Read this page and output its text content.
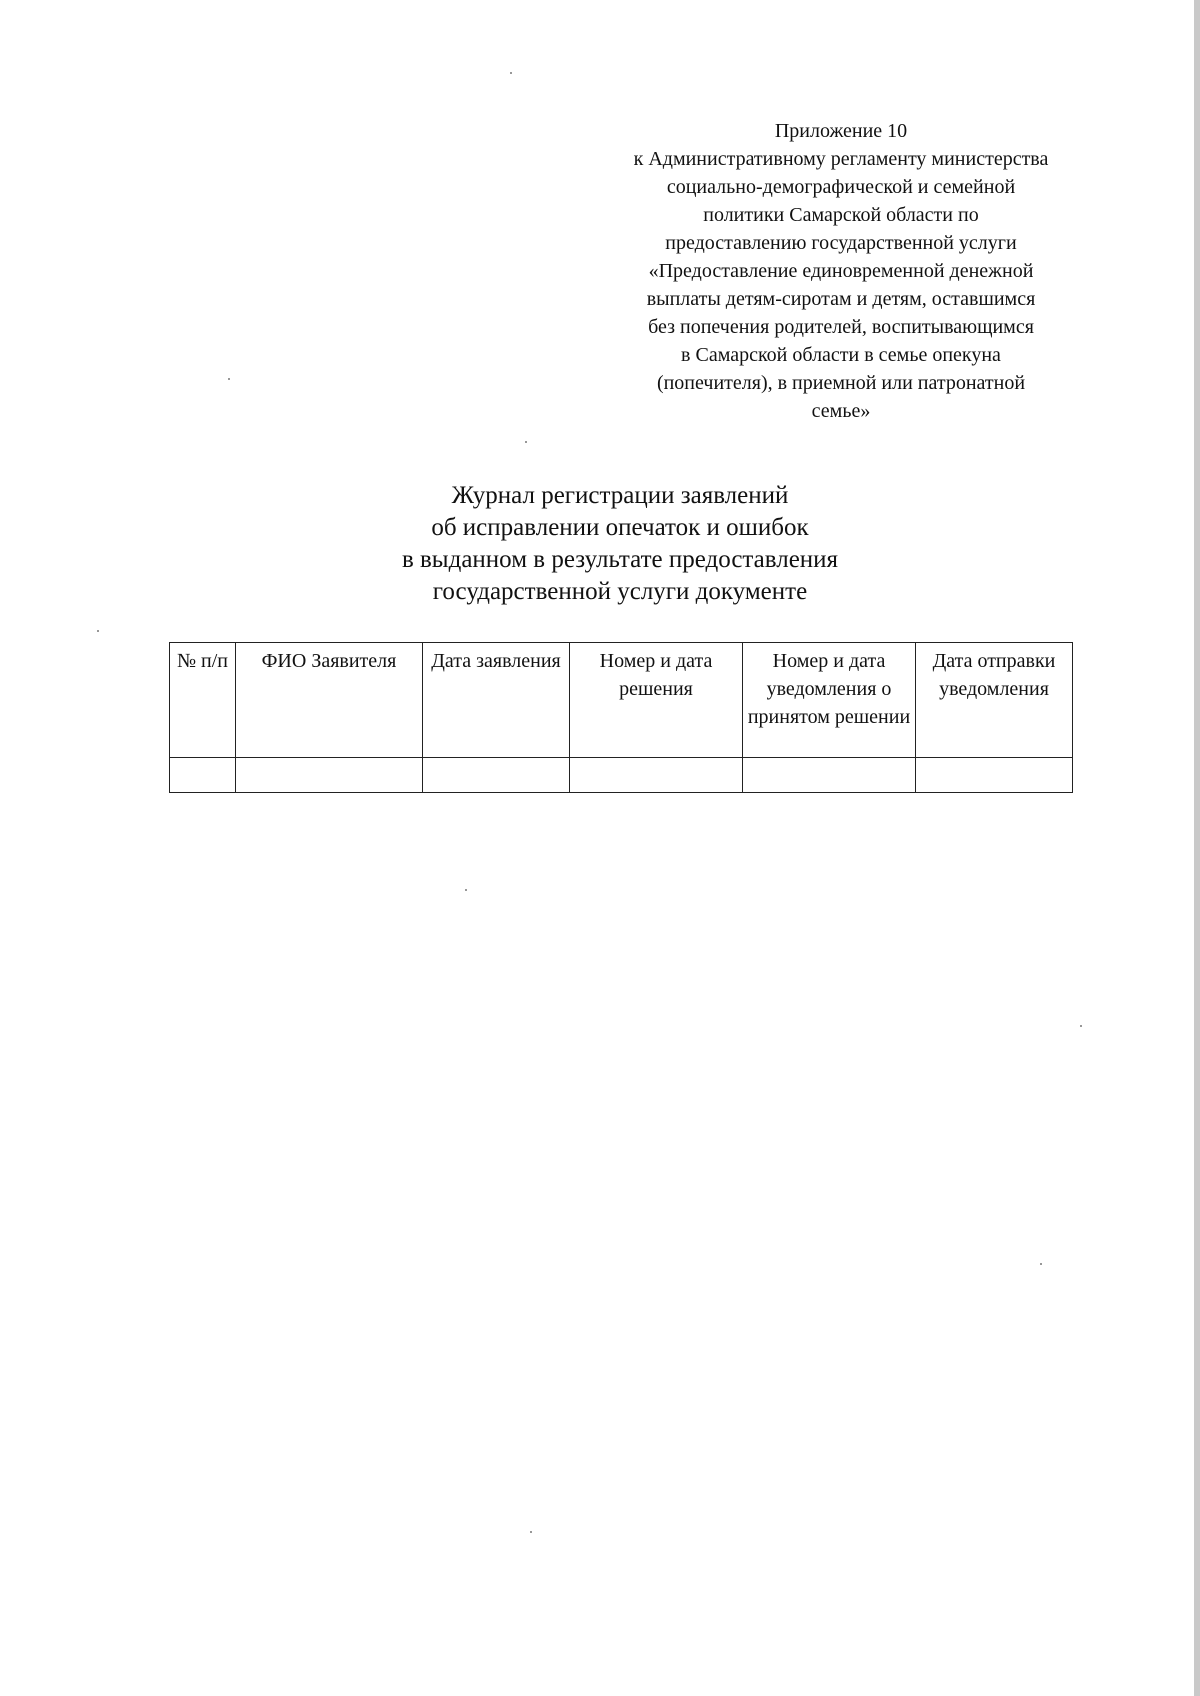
Приложение 10
к Административному регламенту министерства
социально-демографической и семейной
политики Самарской области по
предоставлению государственной услуги
«Предоставление единовременной денежной
выплаты детям-сиротам и детям, оставшимся
без попечения родителей, воспитывающимся
в Самарской области в семье опекуна
(попечителя), в приемной или патронатной
семье»
Журнал регистрации заявлений
об исправлении опечаток и ошибок
в выданном в результате предоставления
государственной услуги документе
№ п/п	ФИО Заявителя	Дата заявления	Номер и дата решения	Номер и дата уведомления о принятом решении	Дата отправки уведомления
